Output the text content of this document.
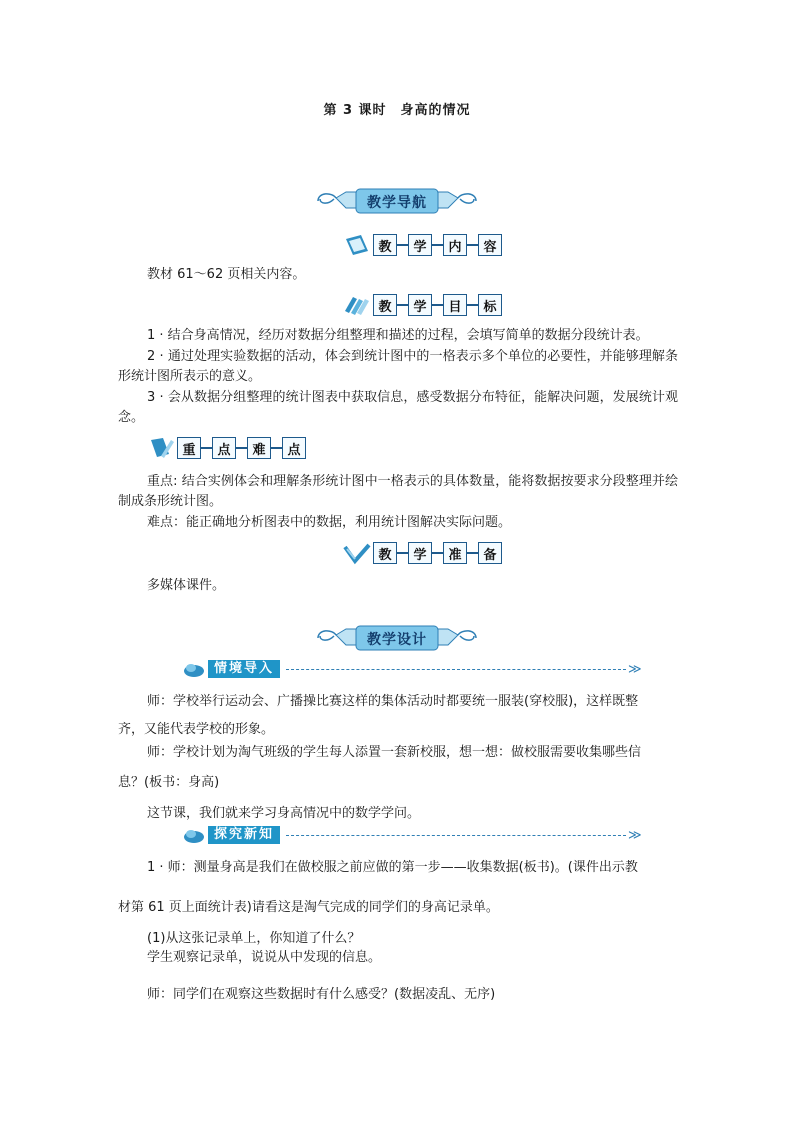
第 3 课时　身高的情况
教学导航
教	学	内	容
教材 61～62 页相关内容。
教	学	目	标
1 · 结合身高情况，经历对数据分组整理和描述的过程，会填写简单的数据分段统计表。
2 · 通过处理实验数据的活动，体会到统计图中的一格表示多个单位的必要性，并能够理解条形统计图所表示的意义。
3 · 会从数据分组整理的统计图表中获取信息，感受数据分布特征，能解决问题，发展统计观念。
重	点	难	点
重点: 结合实例体会和理解条形统计图中一格表示的具体数量，能将数据按要求分段整理并绘制成条形统计图。
难点：能正确地分析图表中的数据，利用统计图解决实际问题。
教	学	准	备
多媒体课件。
教学设计
情境导入	≫
师：学校举行运动会、广播操比赛这样的集体活动时都要统一服装(穿校服)，这样既整
齐，又能代表学校的形象。
师：学校计划为淘气班级的学生每人添置一套新校服，想一想：做校服需要收集哪些信
息？(板书：身高)
这节课，我们就来学习身高情况中的数学学问。
探究新知	≫
1 · 师：测量身高是我们在做校服之前应做的第一步——收集数据(板书)。(课件出示教
材第 61 页上面统计表)请看这是淘气完成的同学们的身高记录单。
(1)从这张记录单上，你知道了什么？
学生观察记录单，说说从中发现的信息。
师：同学们在观察这些数据时有什么感受？(数据凌乱、无序)
